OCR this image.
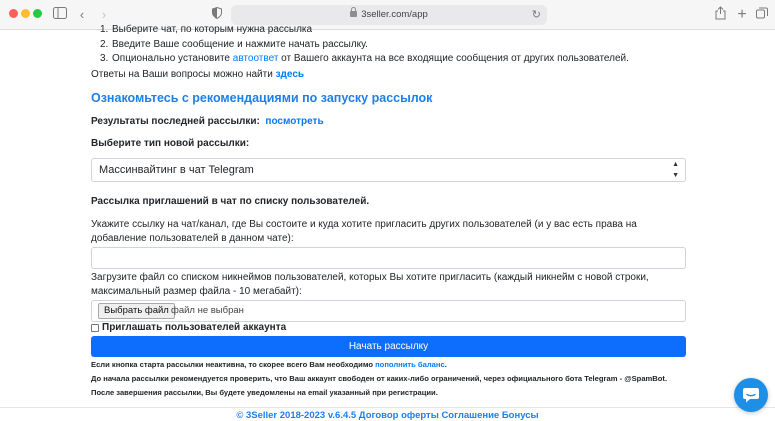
‹ ›	3seller.com/app	↻	+
1. Выберите чат, по которым нужна рассылка
2. Введите Ваше сообщение и нажмите начать рассылку.
3. Опционально установите автоответ от Вашего аккаунта на все входящие сообщения от других пользователей.
Ответы на Ваши вопросы можно найти здесь
Ознакомьтесь с рекомендациями по запуску рассылок
Результаты последней рассылки: посмотреть
Выберите тип новой рассылки:
Массинвайтинг в чат Telegram	▲
▼
Рассылка приглашений в чат по списку пользователей.
Укажите ссылку на чат/канал, где Вы состоите и куда хотите пригласить других пользователей (и у вас есть права на добавление пользователей в данном чате):
Загрузите файл со списком никнеймов пользователей, которых Вы хотите пригласить (каждый никнейм с новой строки, максимальный размер файла - 10 мегабайт):
Выбрать файл файл не выбран
Приглашать пользователей аккаунта
Начать рассылку
Если кнопка старта рассылки неактивна, то скорее всего Вам необходимо пополнить баланс.
До начала рассылки рекомендуется проверить, что Ваш аккаунт свободен от каких-либо ограничений, через официального бота Telegram - @SpamBot.
После завершения рассылки, Вы будете уведомлены на email указанный при регистрации.
© 3Seller 2018-2023 v.6.4.5 Договор оферты Соглашение Бонусы
